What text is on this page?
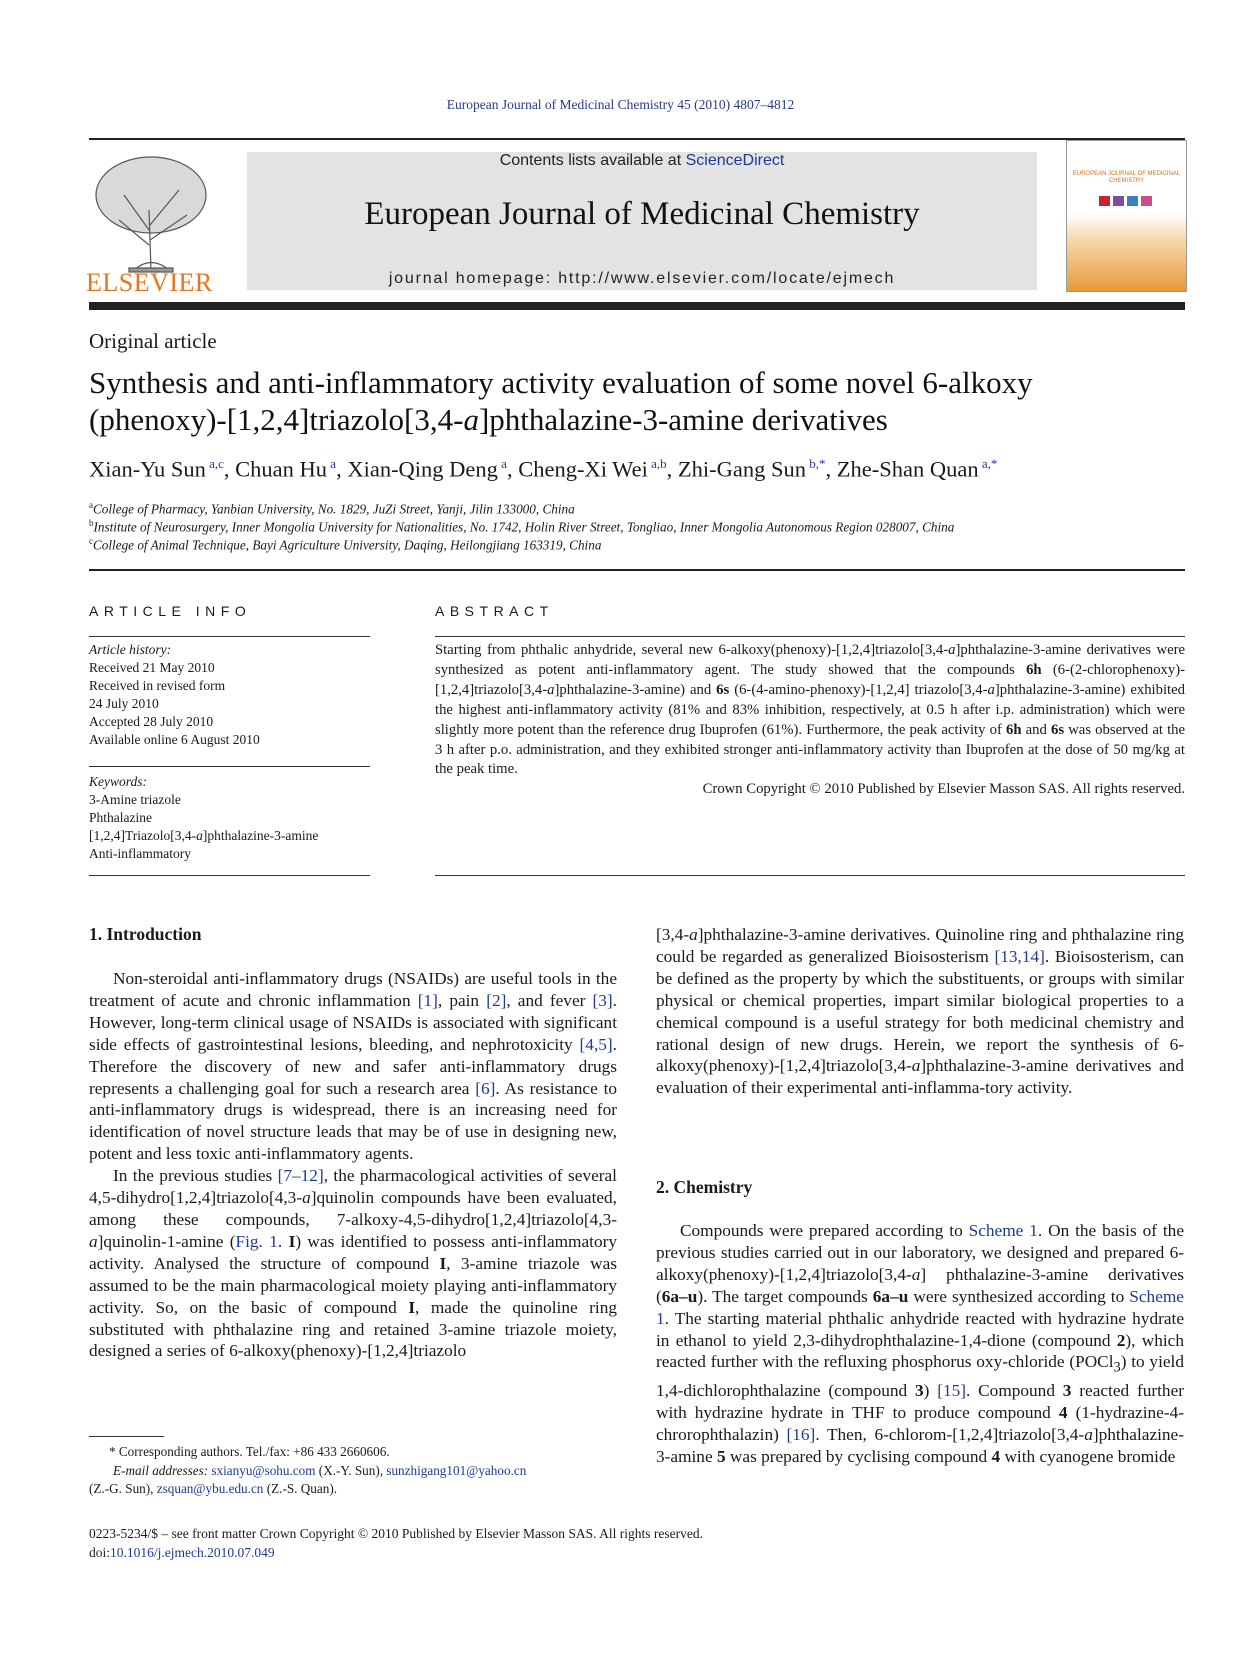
European Journal of Medicinal Chemistry 45 (2010) 4807–4812
ELSEVIER
Contents lists available at ScienceDirect
European Journal of Medicinal Chemistry
journal homepage: http://www.elsevier.com/locate/ejmech
EUROPEAN JOURNAL OF MEDICINAL CHEMISTRY
Original article
Synthesis and anti-inflammatory activity evaluation of some novel 6-alkoxy
(phenoxy)-[1,2,4]triazolo[3,4-a]phthalazine-3-amine derivatives
Xian-Yu Sun $^{a,c}$, Chuan Hu $^a$, Xian-Qing Deng $^a$, Cheng-Xi Wei $^{a,b}$, Zhi-Gang Sun $^{b,*}$, Zhe-Shan Quan $^{a,*}$
$^a$College of Pharmacy, Yanbian University, No. 1829, JuZi Street, Yanji, Jilin 133000, China
$^b$Institute of Neurosurgery, Inner Mongolia University for Nationalities, No. 1742, Holin River Street, Tongliao, Inner Mongolia Autonomous Region 028007, China
$^c$College of Animal Technique, Bayi Agriculture University, Daqing, Heilongjiang 163319, China
ARTICLE INFO
Article history:
Received 21 May 2010
Received in revised form
24 July 2010
Accepted 28 July 2010
Available online 6 August 2010
Keywords:
3-Amine triazole
Phthalazine
[1,2,4]Triazolo[3,4-a]phthalazine-3-amine
Anti-inflammatory
ABSTRACT
Starting from phthalic anhydride, several new 6-alkoxy(phenoxy)-[1,2,4]triazolo[3,4-a]phthalazine-3-amine derivatives were synthesized as potent anti-inflammatory agent. The study showed that the compounds 6h (6-(2-chlorophenoxy)-[1,2,4]triazolo[3,4-a]phthalazine-3-amine) and 6s (6-(4-amino-phenoxy)-[1,2,4] triazolo[3,4-a]phthalazine-3-amine) exhibited the highest anti-inflammatory activity (81% and 83% inhibition, respectively, at 0.5 h after i.p. administration) which were slightly more potent than the reference drug Ibuprofen (61%). Furthermore, the peak activity of 6h and 6s was observed at the 3 h after p.o. administration, and they exhibited stronger anti-inflammatory activity than Ibuprofen at the dose of 50 mg/kg at the peak time.
Crown Copyright © 2010 Published by Elsevier Masson SAS. All rights reserved.
1. Introduction

Non-steroidal anti-inflammatory drugs (NSAIDs) are useful tools in the treatment of acute and chronic inflammation [1], pain [2], and fever [3]. However, long-term clinical usage of NSAIDs is associated with significant side effects of gastrointestinal lesions, bleeding, and nephrotoxicity [4,5]. Therefore the discovery of new and safer anti-inflammatory drugs represents a challenging goal for such a research area [6]. As resistance to anti-inflammatory drugs is widespread, there is an increasing need for identification of novel structure leads that may be of use in designing new, potent and less toxic anti-inflammatory agents.

In the previous studies [7–12], the pharmacological activities of several 4,5-dihydro[1,2,4]triazolo[4,3-a]quinolin compounds have been evaluated, among these compounds, 7-alkoxy-4,5-dihydro[1,2,4]triazolo[4,3-a]quinolin-1-amine (Fig. 1. I) was identified to possess anti-inflammatory activity. Analysed the structure of compound I, 3-amine triazole was assumed to be the main pharmacological moiety playing anti-inflammatory activity. So, on the basic of compound I, made the quinoline ring substituted with phthalazine ring and retained 3-amine triazole moiety, designed a series of 6-alkoxy(phenoxy)-[1,2,4]triazolo

[3,4-a]phthalazine-3-amine derivatives. Quinoline ring and phthalazine ring could be regarded as generalized Bioisosterism [13,14]. Bioisosterism, can be defined as the property by which the substituents, or groups with similar physical or chemical properties, impart similar biological properties to a chemical compound is a useful strategy for both medicinal chemistry and rational design of new drugs. Herein, we report the synthesis of 6-alkoxy(phenoxy)-[1,2,4]triazolo[3,4-a]phthalazine-3-amine derivatives and evaluation of their experimental anti-inflamma-tory activity.

2. Chemistry

Compounds were prepared according to Scheme 1. On the basis of the previous studies carried out in our laboratory, we designed and prepared 6-alkoxy(phenoxy)-[1,2,4]triazolo[3,4-a] phthalazine-3-amine derivatives (6a–u). The target compounds 6a–u were synthesized according to Scheme 1. The starting material phthalic anhydride reacted with hydrazine hydrate in ethanol to yield 2,3-dihydrophthalazine-1,4-dione (compound 2), which reacted further with the refluxing phosphorus oxy-chloride (POCl$_3$) to yield 1,4-dichlorophthalazine (compound 3) [15]. Compound 3 reacted further with hydrazine hydrate in THF to produce compound 4 (1-hydrazine-4-chrorophthalazin) [16]. Then, 6-chlorom-[1,2,4]triazolo[3,4-a]phthalazine-3-amine 5 was prepared by cyclising compound 4 with cyanogene bromide

* Corresponding authors. Tel./fax: +86 433 2660606.
E-mail addresses: sxianyu@sohu.com (X.-Y. Sun), sunzhigang101@yahoo.cn
(Z.-G. Sun), zsquan@ybu.edu.cn (Z.-S. Quan).
0223-5234/$ – see front matter Crown Copyright © 2010 Published by Elsevier Masson SAS. All rights reserved.
doi:10.1016/j.ejmech.2010.07.049
